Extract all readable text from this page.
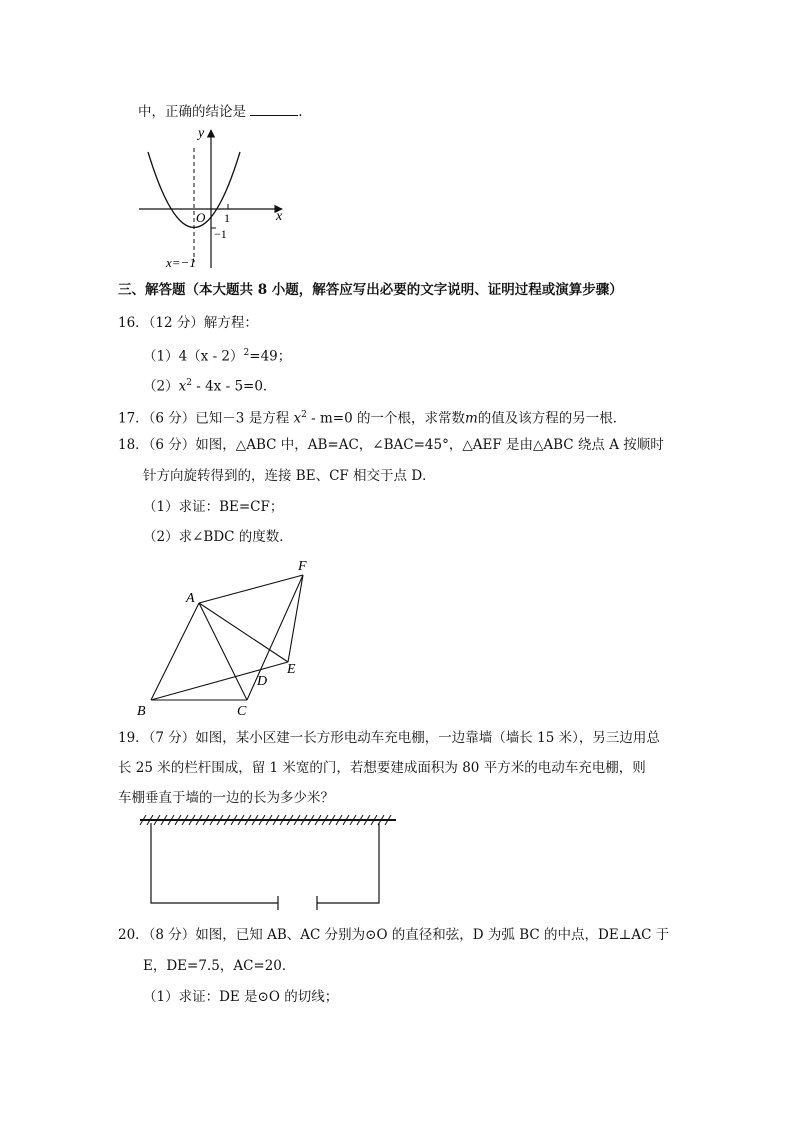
中，正确的结论是	.
y
x
O 1
−1
x=−1
A
B	C
D
E
F
三、解答题（本大题共 8 小题，解答应写出必要的文字说明、证明过程或演算步骤）
16．（12 分）解方程：
（1）4（x - 2）$^2$=49；
$(2)x^2 - 4x - 5=0$．
17．（6 分）已知－3 是方程 $x^2 - m=0$ 的一个根，求常数m的值及该方程的另一根．
18．（6 分）如图，△ABC 中，AB=AC，∠BAC=45°，△AEF 是由△ABC 绕点 A 按顺时
针方向旋转得到的，连接 BE、CF 相交于点 D．
（1）求证：BE=CF；
（2）求∠BDC 的度数．
19．（7 分）如图，某小区建一长方形电动车充电棚，一边靠墙（墙长 15 米），另三边用总
长 25 米的栏杆围成，留 1 米宽的门，若想要建成面积为 80 平方米的电动车充电棚，则
车棚垂直于墙的一边的长为多少米？
20．（8 分）如图，已知 AB、AC 分别为⊙O 的直径和弦，D 为弧 BC 的中点，DE⊥AC 于
E，DE=7.5，AC=20．
（1）求证：DE 是⊙O 的切线；
